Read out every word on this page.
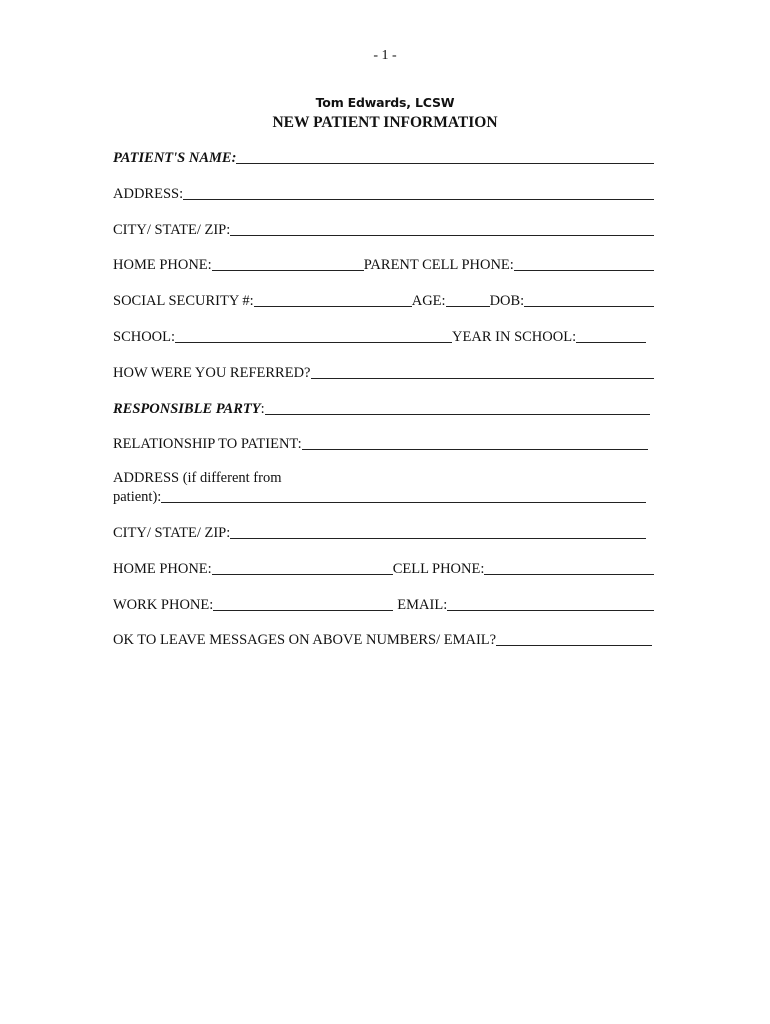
- 1 -
Tom Edwards, LCSW
NEW PATIENT INFORMATION
PATIENT'S NAME:
ADDRESS:
CITY/ STATE/ ZIP:
HOME PHONE:	PARENT CELL PHONE:
SOCIAL SECURITY #:	AGE:	DOB:
SCHOOL:	YEAR IN SCHOOL:
HOW WERE YOU REFERRED?
RESPONSIBLE PARTY :
RELATIONSHIP TO PATIENT:
ADDRESS (if different from
patient):
CITY/ STATE/ ZIP:
HOME PHONE:	CELL PHONE:
WORK PHONE:	EMAIL:
OK TO LEAVE MESSAGES ON ABOVE NUMBERS/ EMAIL?
